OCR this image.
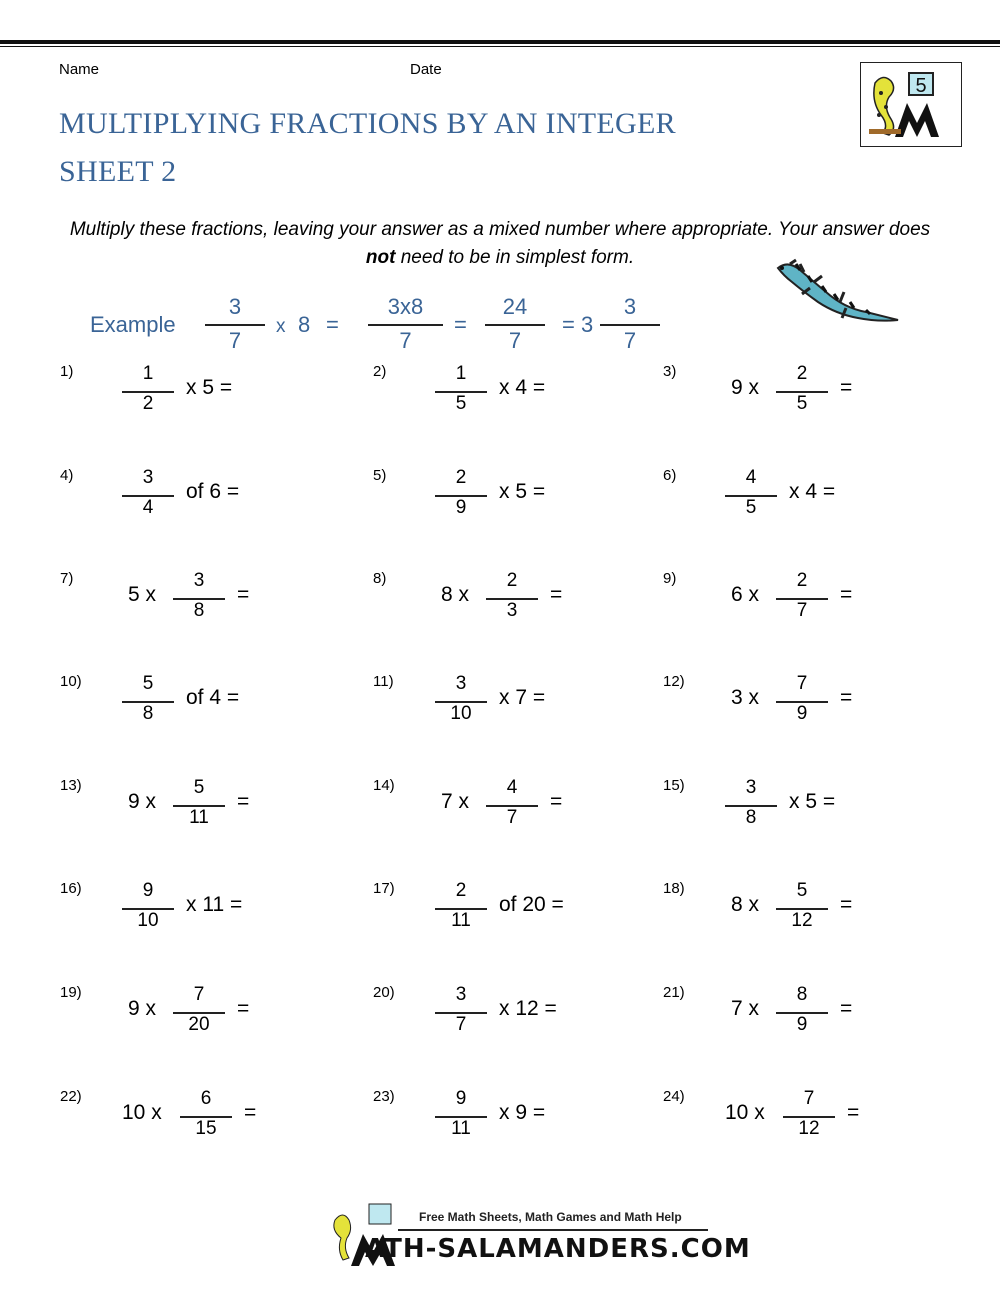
Name	Date
MULTIPLYING FRACTIONS BY AN INTEGER
SHEET 2
5
Multiply these fractions, leaving your answer as a mixed number where appropriate. Your answer does not need to be in simplest form.
Example
3
7
x 8 =
3x8
7
=
24
7
= 3
3
7
1)	1
2
x 5 =
2)	1
5
x 4 =
3)
9 x
2
5
=
4)	3
4
of 6 =
5)	2
9
x 5 =
6)	4
5
x 4 =
7)
5 x
3
8
=
8)
8 x
2
3
=
9)
6 x
2
7
=
10)	5
8
of 4 =
11)	3
10
x 7 =
12)
3 x
7
9
=
13)
9 x
5
11
=
14)
7 x
4
7
=
15)	3
8
x 5 =
16)	9
10
x 11 =
17)	2
11
of 20 =
18)
8 x
5
12
=
19)
9 x
7
20
=
20)	3
7
x 12 =
21)
7 x
8
9
=
22)
10 x
6
15
=
23)	9
11
x 9 =
24)
10 x
7
12
=
Free Math Sheets, Math Games and Math Help
ATH-SALAMANDERS.COM
